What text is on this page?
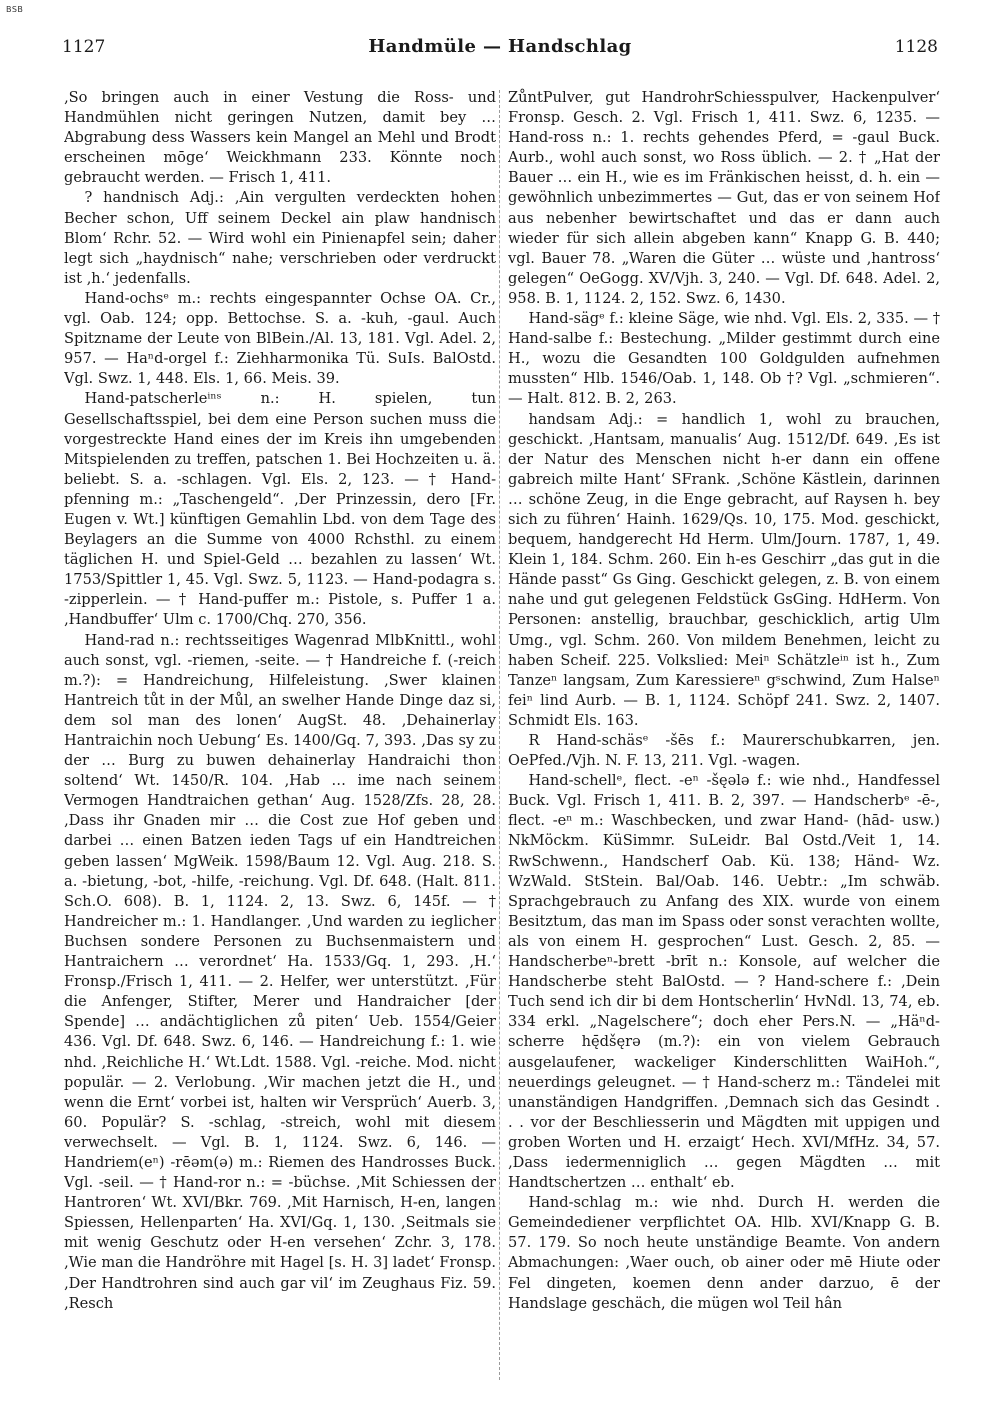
BSB
1127	Handmüle — Handschlag	1128

‚So bringen auch in einer Vestung die Ross- und Handmühlen nicht geringen Nutzen, damit bey … Abgrabung dess Wassers kein Mangel an Mehl und Brodt erscheinen mōge‘ Weickhmann 233. Könnte noch gebraucht werden. — Frisch 1, 411.

? handnisch Adj.: ‚Ain vergulten verdeckten hohen Becher schon, Uff seinem Deckel ain plaw handnisch Blom‘ Rchr. 52. — Wird wohl ein Pinienapfel sein; daher legt sich „haydnisch“ nahe; verschrieben oder verdruckt ist ‚h.‘ jedenfalls.

Hand-ochsᵉ m.: rechts eingespannter Ochse OA. Cr., vgl. Oab. 124; opp. Bettochse. S. a. -kuh, -gaul. Auch Spitzname der Leute von BlBein./Al. 13, 181. Vgl. Adel. 2, 957. — Haⁿd-orgel f.: Ziehharmonika Tü. SuIs. BalOstd. Vgl. Swz. 1, 448. Els. 1, 66. Meis. 39.

Hand-patscherleⁱⁿˢ n.: H. spielen, tun Gesellschaftsspiel, bei dem eine Person suchen muss die vorgestreckte Hand eines der im Kreis ihn umgebenden Mitspielenden zu treffen, patschen 1. Bei Hochzeiten u. ä. beliebt. S. a. -schlagen. Vgl. Els. 2, 123. — † Hand-pfenning m.: „Taschengeld“. ‚Der Prinzessin, dero [Fr. Eugen v. Wt.] künftigen Gemahlin Lbd. von dem Tage des Beylagers an die Summe von 4000 Rchsthl. zu einem täglichen H. und Spiel-Geld … bezahlen zu lassen‘ Wt. 1753/Spittler 1, 45. Vgl. Swz. 5, 1123. — Hand-podagra s. -zipperlein. — † Hand-puffer m.: Pistole, s. Puffer 1 a. ‚Handbuffer‘ Ulm c. 1700/Chq. 270, 356.

Hand-rad n.: rechtsseitiges Wagenrad MlbKnittl., wohl auch sonst, vgl. -riemen, -seite. — † Handreiche f. (-reich m.?): = Handreichung, Hilfeleistung. ‚Swer klainen Hantreich tůt in der Můl, an swelher Hande Dinge daz si, dem sol man des lonen‘ AugSt. 48. ‚Dehainerlay Hantraichin noch Uebung‘ Es. 1400/Gq. 7, 393. ‚Das sy zu der … Burg zu buwen dehainerlay Handraichi thon soltend‘ Wt. 1450/R. 104. ‚Hab … ime nach seinem Vermogen Handtraichen gethan‘ Aug. 1528/Zfs. 28, 28. ‚Dass ihr Gnaden mir … die Cost zue Hof geben und darbei … einen Batzen ieden Tags uf ein Handtreichen geben lassen‘ MgWeik. 1598/Baum 12. Vgl. Aug. 218. S. a. -bietung, -bot, -hilfe, -reichung. Vgl. Df. 648. (Halt. 811. Sch.O. 608). B. 1, 1124. 2, 13. Swz. 6, 145f. — † Handreicher m.: 1. Handlanger. ‚Und warden zu ieglicher Buchsen sondere Personen zu Buchsenmaistern und Hantraichern … verordnet‘ Ha. 1533/Gq. 1, 293. ‚H.‘ Fronsp./Frisch 1, 411. — 2. Helfer, wer unterstützt. ‚Für die Anfenger, Stifter, Merer und Handraicher [der Spende] … andächtiglichen zů piten‘ Ueb. 1554/Geier 436. Vgl. Df. 648. Swz. 6, 146. — Handreichung f.: 1. wie nhd. ‚Reichliche H.‘ Wt.Ldt. 1588. Vgl. -reiche. Mod. nicht populär. — 2. Verlobung. ‚Wir machen jetzt die H., und wenn die Ernt‘ vorbei ist, halten wir Versprüch‘ Auerb. 3, 60. Populär? S. -schlag, -streich, wohl mit diesem verwechselt. — Vgl. B. 1, 1124. Swz. 6, 146. — Handriem(eⁿ) -rēəm(ə) m.: Riemen des Handrosses Buck. Vgl. -seil. — † Hand-ror n.: = -büchse. ‚Mit Schiessen der Hantroren‘ Wt. XVI/Bkr. 769. ‚Mit Harnisch, H-en, langen Spiessen, Hellenparten‘ Ha. XVI/Gq. 1, 130. ‚Seitmals sie mit wenig Geschutz oder H-en versehen‘ Zchr. 3, 178. ‚Wie man die Handröhre mit Hagel [s. H. 3] ladet‘ Fronsp. ‚Der Handtrohren sind auch gar vil‘ im Zeughaus Fiz. 59. ‚Resch

ZůntPulver, gut HandrohrSchiesspulver, Hackenpulver‘ Fronsp. Gesch. 2. Vgl. Frisch 1, 411. Swz. 6, 1235. — Hand-ross n.: 1. rechts gehendes Pferd, = -gaul Buck. Aurb., wohl auch sonst, wo Ross üblich. — 2. † „Hat der Bauer … ein H., wie es im Fränkischen heisst, d. h. ein — gewöhnlich unbezimmertes — Gut, das er von seinem Hof aus nebenher bewirtschaftet und das er dann auch wieder für sich allein abgeben kann“ Knapp G. B. 440; vgl. Bauer 78. „Waren die Güter … wüste und ‚hantross‘ gelegen“ OeGogg. XV/Vjh. 3, 240. — Vgl. Df. 648. Adel. 2, 958. B. 1, 1124. 2, 152. Swz. 6, 1430.

Hand-sägᵉ f.: kleine Säge, wie nhd. Vgl. Els. 2, 335. — † Hand-salbe f.: Bestechung. „Milder gestimmt durch eine H., wozu die Gesandten 100 Goldgulden aufnehmen mussten“ Hlb. 1546/Oab. 1, 148. Ob †? Vgl. „schmieren“. — Halt. 812. B. 2, 263.

handsam Adj.: = handlich 1, wohl zu brauchen, geschickt. ‚Hantsam, manualis‘ Aug. 1512/Df. 649. ‚Es ist der Natur des Menschen nicht h-er dann ein offene gabreich milte Hant‘ SFrank. ‚Schöne Kästlein, darinnen … schöne Zeug, in die Enge gebracht, auf Raysen h. bey sich zu führen‘ Hainh. 1629/Qs. 10, 175. Mod. geschickt, bequem, handgerecht Hd Herm. Ulm/Journ. 1787, 1, 49. Klein 1, 184. Schm. 260. Ein h-es Geschirr „das gut in die Hände passt“ Gs Ging. Geschickt gelegen, z. B. von einem nahe und gut gelegenen Feldstück GsGing. HdHerm. Von Personen: anstellig, brauchbar, geschicklich, artig Ulm Umg., vgl. Schm. 260. Von mildem Benehmen, leicht zu haben Scheif. 225. Volkslied: Meiⁿ Schätzleⁱⁿ ist h., Zum Tanzeⁿ langsam, Zum Karessiereⁿ gˢschwind, Zum Halseⁿ feiⁿ lind Aurb. — B. 1, 1124. Schöpf 241. Swz. 2, 1407. Schmidt Els. 163.

R Hand-schäsᵉ -šēs f.: Maurerschubkarren, jen. OePfed./Vjh. N. F. 13, 211. Vgl. -wagen.

Hand-schellᵉ, flect. -eⁿ -šęələ f.: wie nhd., Handfessel Buck. Vgl. Frisch 1, 411. B. 2, 397. — Handscherbᵉ -ē-, flect. -eⁿ m.: Waschbecken, und zwar Hand- (hād- usw.) NkMöckm. KüSimmr. SuLeidr. Bal Ostd./Veit 1, 14. RwSchwenn., Handscherf Oab. Kü. 138; Händ- Wz. WzWald. StStein. Bal/Oab. 146. Uebtr.: „Im schwäb. Sprachgebrauch zu Anfang des XIX. wurde von einem Besitztum, das man im Spass oder sonst verachten wollte, als von einem H. gesprochen“ Lust. Gesch. 2, 85. — Handscherbeⁿ-brett -brīt n.: Konsole, auf welcher die Handscherbe steht BalOstd. — ? Hand-schere f.: ‚Dein Tuch send ich dir bi dem Hontscherlin‘ HvNdl. 13, 74, eb. 334 erkl. „Nagelschere“; doch eher Pers.N. — „Häⁿd-scherre hę̄dšęrə (m.?): ein von vielem Gebrauch ausgelaufener, wackeliger Kinderschlitten WaiHoh.“, neuerdings geleugnet. — † Hand-scherz m.: Tändelei mit unanständigen Handgriffen. ‚Demnach sich das Gesindt . . . vor der Beschliesserin und Mägdten mit uppigen und groben Worten und H. erzaigt‘ Hech. XVI/MfHz. 34, 57. ‚Dass iedermenniglich … gegen Mägdten … mit Handtschertzen … enthalt‘ eb.

Hand-schlag m.: wie nhd. Durch H. werden die Gemeindediener verpflichtet OA. Hlb. XVI/Knapp G. B. 57. 179. So noch heute unständige Beamte. Von andern Abmachungen: ‚Waer ouch, ob ainer oder mē Hiute oder Fel dingeten, koemen denn ander darzuo, ē der Handslage geschäch, die mügen wol Teil hân
